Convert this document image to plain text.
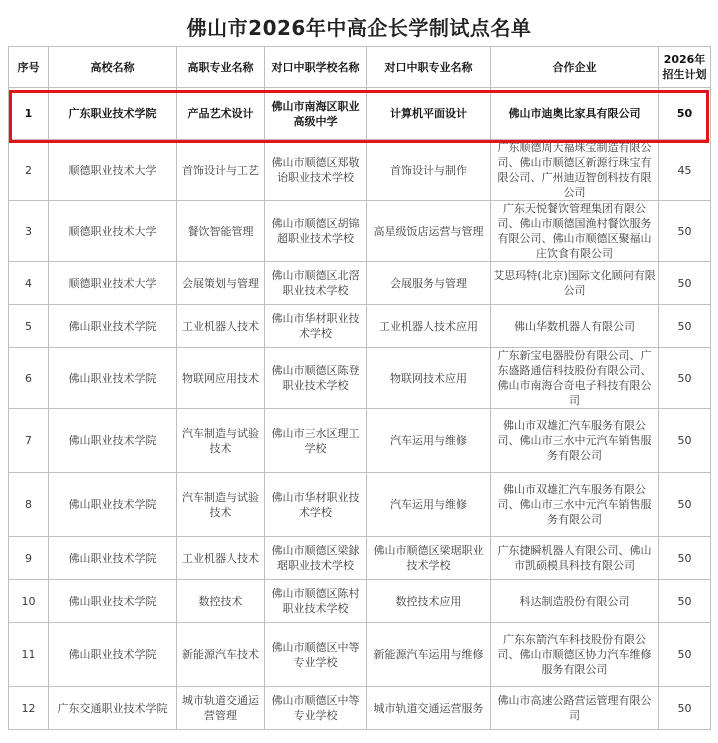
佛山市2026年中高企长学制试点名单
序号	高校名称	高职专业名称	对口中职学校名称	对口中职专业名称	合作企业	2026年招生计划
1	广东职业技术学院	产品艺术设计	佛山市南海区职业高级中学	计算机平面设计	佛山市迪奥比家具有限公司	50
2	顺德职业技术大学	首饰设计与工艺	佛山市顺德区郑敬诒职业技术学校	首饰设计与制作	广东顺德周大福珠宝制造有限公司、佛山市顺德区新源行珠宝有限公司、广州迪迈智创科技有限公司	45
3	顺德职业技术大学	餐饮智能管理	佛山市顺德区胡锦超职业技术学校	高星级饭店运营与管理	广东天悦餐饮管理集团有限公司、佛山市顺德国渔村餐饮服务有限公司、佛山市顺德区聚福山庄饮食有限公司	50
4	顺德职业技术大学	会展策划与管理	佛山市顺德区北滘职业技术学校	会展服务与管理	艾思玛特(北京)国际文化顾问有限公司	50
5	佛山职业技术学院	工业机器人技术	佛山市华材职业技术学校	工业机器人技术应用	佛山华数机器人有限公司	50
6	佛山职业技术学院	物联网应用技术	佛山市顺德区陈登职业技术学校	物联网技术应用	广东新宝电器股份有限公司、广东盛路通信科技股份有限公司、佛山市南海合奇电子科技有限公司	50
7	佛山职业技术学院	汽车制造与试验技术	佛山市三水区理工学校	汽车运用与维修	佛山市双雄汇汽车服务有限公司、佛山市三水中元汽车销售服务有限公司	50
8	佛山职业技术学院	汽车制造与试验技术	佛山市华材职业技术学校	汽车运用与维修	佛山市双雄汇汽车服务有限公司、佛山市三水中元汽车销售服务有限公司	50
9	佛山职业技术学院	工业机器人技术	佛山市顺德区梁銶琚职业技术学校	佛山市顺德区梁琚职业技术学校	广东捷瞬机器人有限公司、佛山市凯硕模具科技有限公司	50
10	佛山职业技术学院	数控技术	佛山市顺德区陈村职业技术学校	数控技术应用	科达制造股份有限公司	50
11	佛山职业技术学院	新能源汽车技术	佛山市顺德区中等专业学校	新能源汽车运用与维修	广东东箭汽车科技股份有限公司、佛山市顺德区协力汽车维修服务有限公司	50
12	广东交通职业技术学院	城市轨道交通运营管理	佛山市顺德区中等专业学校	城市轨道交通运营服务	佛山市高速公路营运管理有限公司	50
